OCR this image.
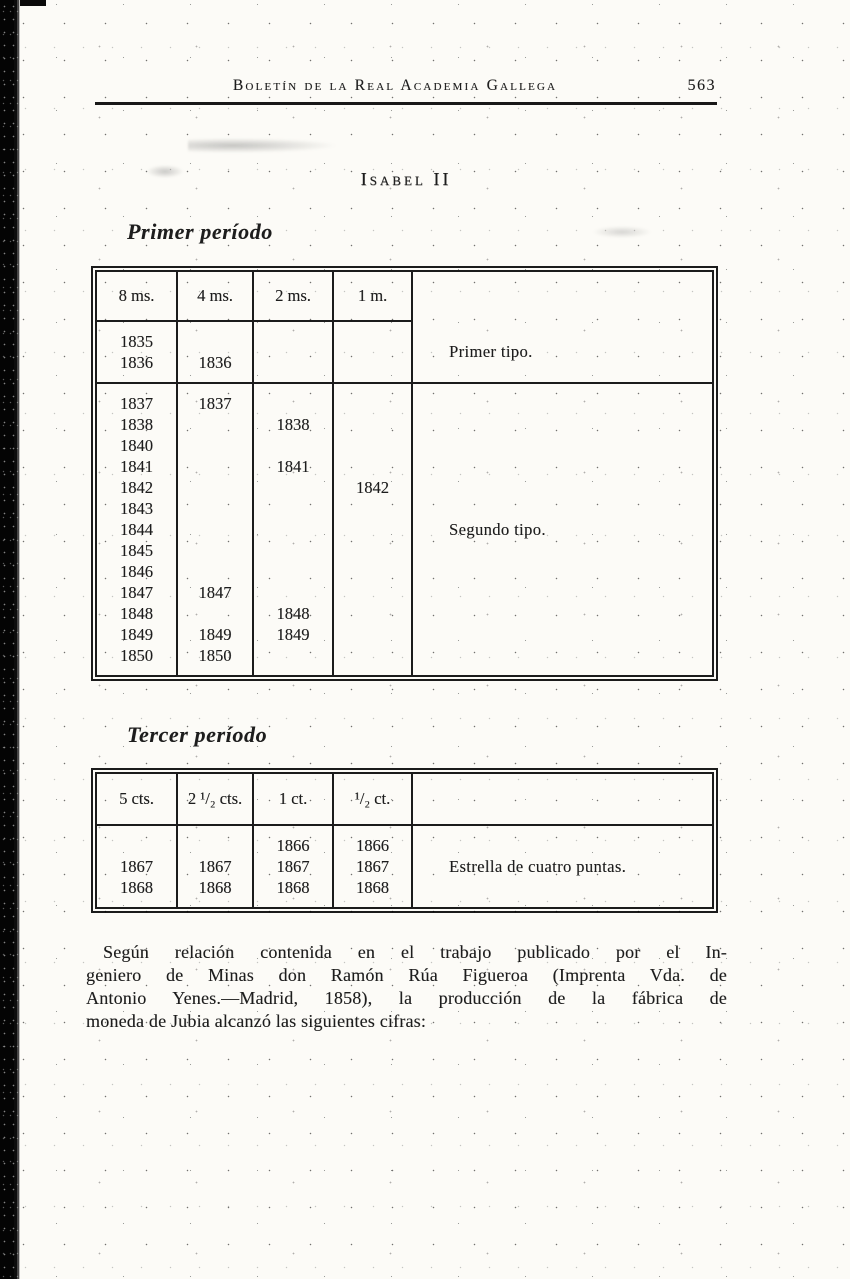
Boletín de la Real Academia Gallega	563
Isabel II
Primer período
8 ms.	4 ms.	2 ms.	1 m.	
1835				Primer tipo.
1836	1836			
1837	1837			Segundo tipo.
1838		1838		
1840				
1841		1841		
1842			1842	
1843				
1844				
1845				
1846				
1847	1847			
1848		1848		
1849	1849	1849		
1850	1850			
Tercer período
5 cts.	2 ¹/₂ cts.	1 ct.	¹/₂ ct.	
		1866	1866	Estrella de cuatro puntas.
1867	1867	1867	1867	
1868	1868	1868	1868	
Según relación contenida en el trabajo publicado por el In-
geniero de Minas don Ramón Rúa Figueroa (Imprenta Vda. de
Antonio Yenes.—Madrid, 1858), la producción de la fábrica de
moneda de Jubia alcanzó las siguientes cifras:
